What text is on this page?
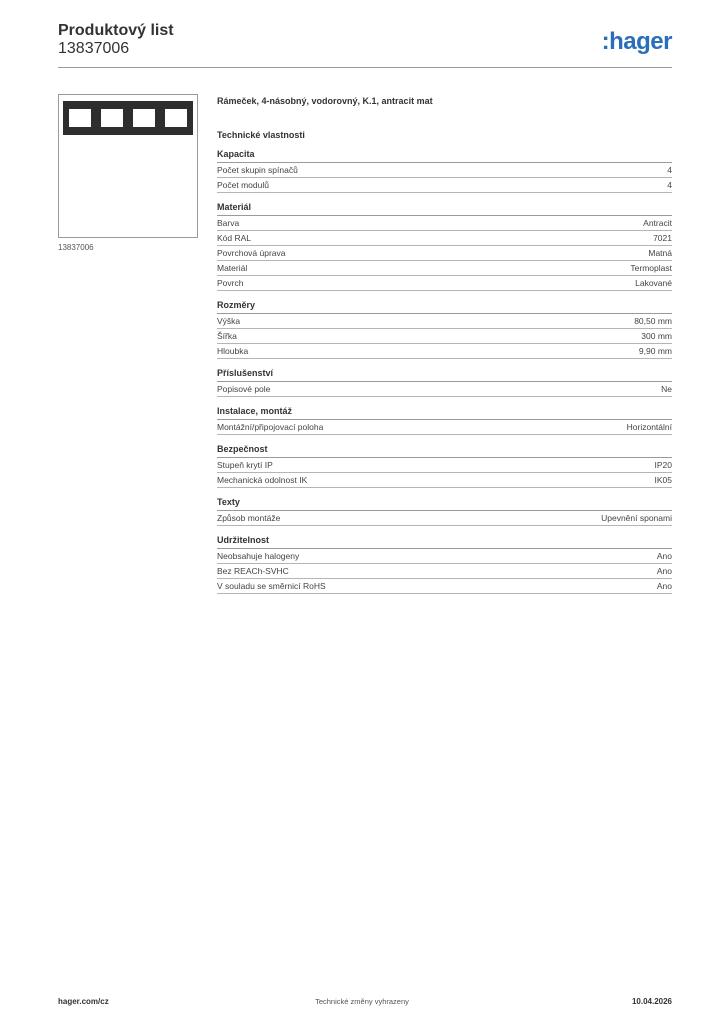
Produktový list
13837006	:hager
13837006
Rámeček, 4-násobný, vodorovný, K.1, antracit mat
Technické vlastnosti
Kapacita
Počet skupin spínačů	4
Počet modulů	4
Materiál
Barva	Antracit
Kód RAL	7021
Povrchová úprava	Matná
Materiál	Termoplast
Povrch	Lakované
Rozměry
Výška	80,50 mm
Šířka	300 mm
Hloubka	9,90 mm
Příslušenství
Popisové pole	Ne
Instalace, montáž
Montážní/připojovací poloha	Horizontální
Bezpečnost
Stupeň krytí IP	IP20
Mechanická odolnost IK	IK05
Texty
Způsob montáže	Upevnění sponami
Udržitelnost
Neobsahuje halogeny	Ano
Bez REACh-SVHC	Ano
V souladu se směrnicí RoHS	Ano
hager.com/cz	Technické změny vyhrazeny	10.04.2026
